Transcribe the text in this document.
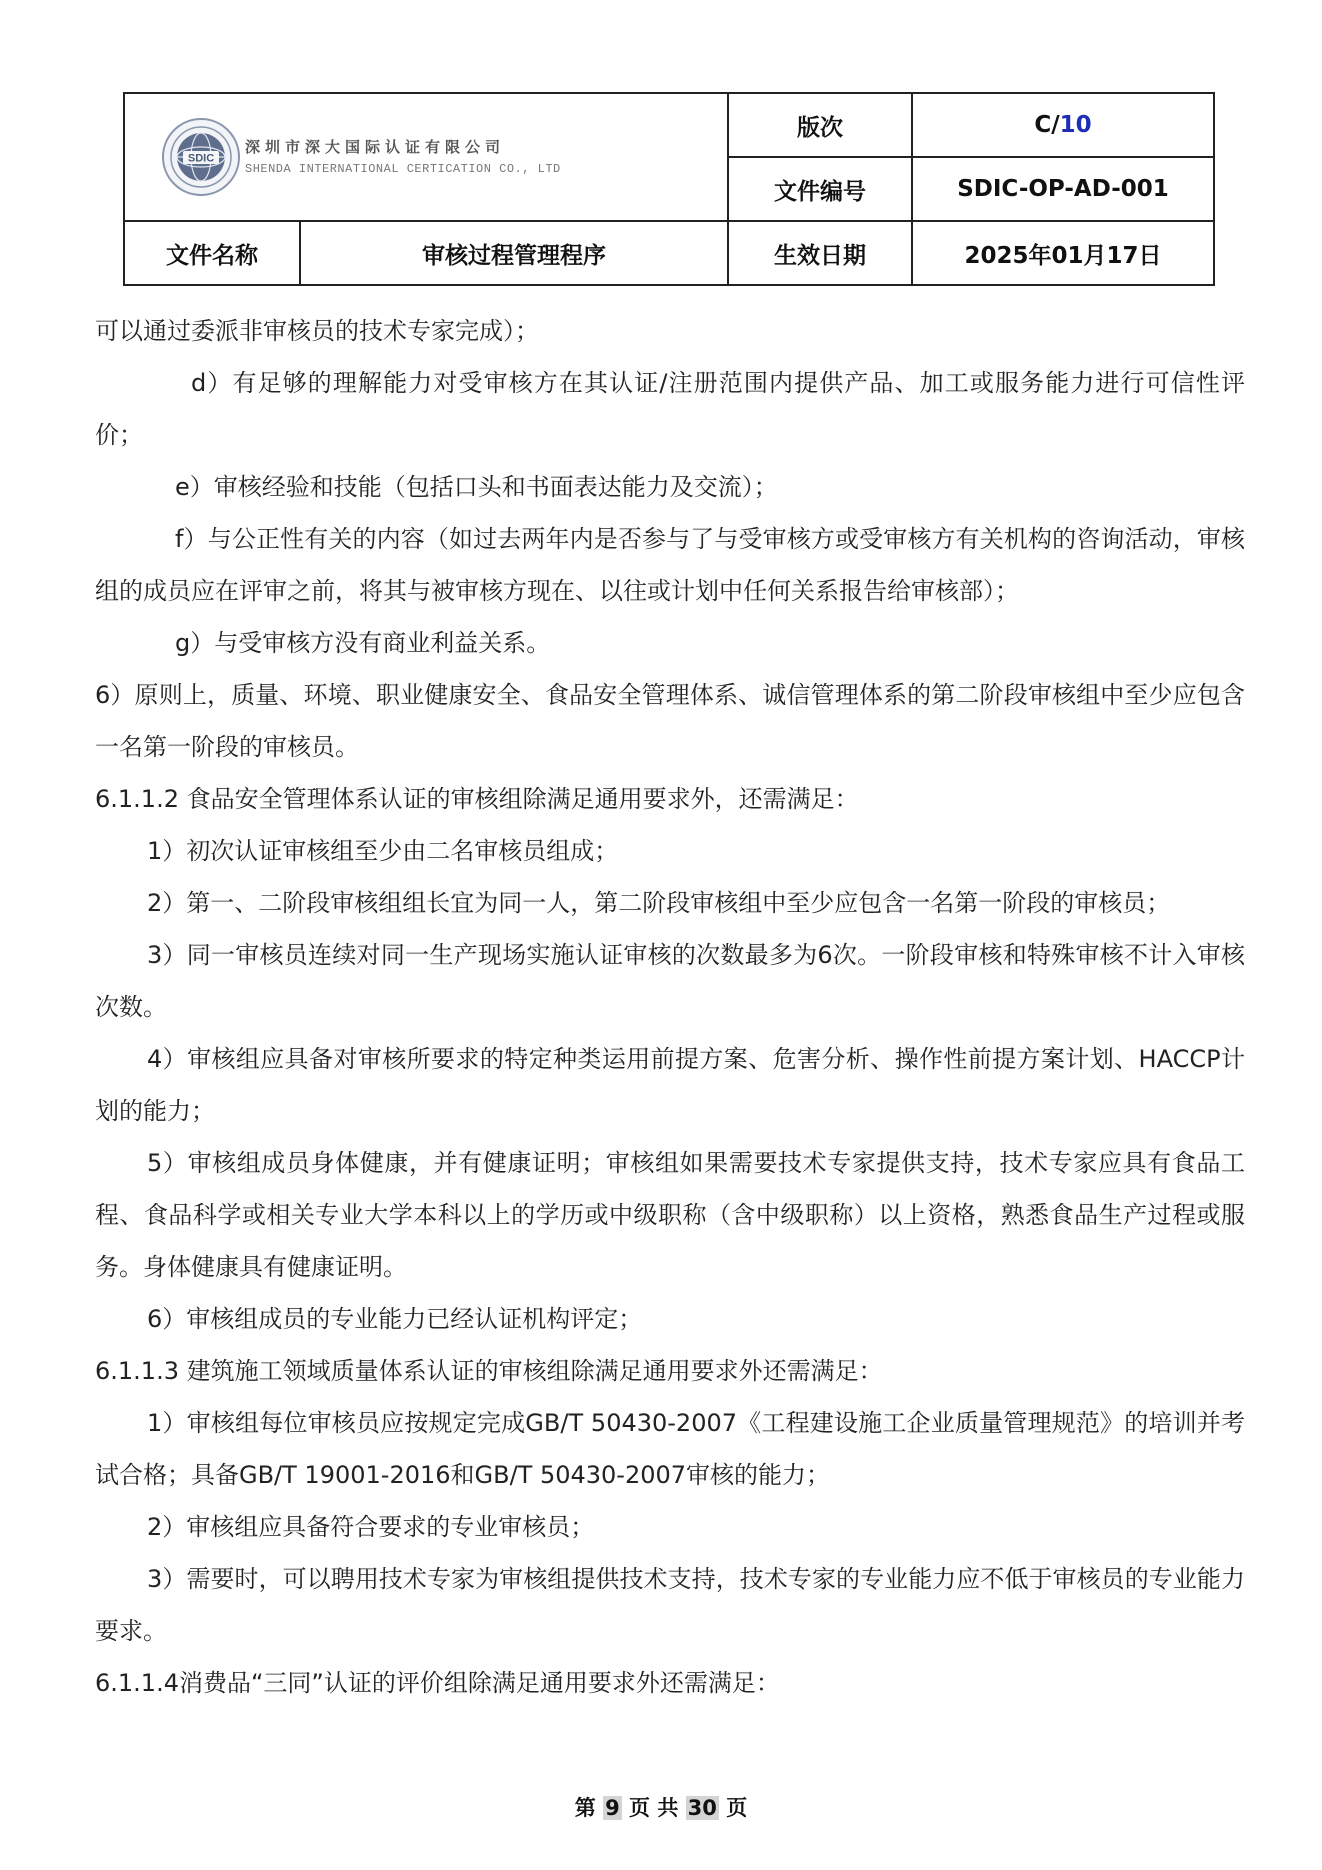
SDIC
深圳市深大国际认证有限公司
SHENDA INTERNATIONAL CERTICATION CO., LTD		版次	C/10
		文件编号	SDIC-OP-AD-001
文件名称	审核过程管理程序	生效日期	2025年01月17日

可以通过委派非审核员的技术专家完成）；

d）有足够的理解能力对受审核方在其认证/注册范围内提供产品、加工或服务能力进行可信性评价；

e）审核经验和技能（包括口头和书面表达能力及交流）；

f）与公正性有关的内容（如过去两年内是否参与了与受审核方或受审核方有关机构的咨询活动，审核组的成员应在评审之前，将其与被审核方现在、以往或计划中任何关系报告给审核部）；

g）与受审核方没有商业利益关系。

6）原则上，质量、环境、职业健康安全、食品安全管理体系、诚信管理体系的第二阶段审核组中至少应包含一名第一阶段的审核员。

6.1.1.2 食品安全管理体系认证的审核组除满足通用要求外，还需满足：

1）初次认证审核组至少由二名审核员组成；

2）第一、二阶段审核组组长宜为同一人，第二阶段审核组中至少应包含一名第一阶段的审核员；

3）同一审核员连续对同一生产现场实施认证审核的次数最多为6次。一阶段审核和特殊审核不计入审核次数。

4）审核组应具备对审核所要求的特定种类运用前提方案、危害分析、操作性前提方案计划、HACCP计划的能力；

5）审核组成员身体健康，并有健康证明；审核组如果需要技术专家提供支持，技术专家应具有食品工程、食品科学或相关专业大学本科以上的学历或中级职称（含中级职称）以上资格，熟悉食品生产过程或服务。身体健康具有健康证明。

6）审核组成员的专业能力已经认证机构评定；

6.1.1.3 建筑施工领域质量体系认证的审核组除满足通用要求外还需满足：

1）审核组每位审核员应按规定完成GB/T 50430-2007《工程建设施工企业质量管理规范》的培训并考试合格；具备GB/T 19001-2016和GB/T 50430-2007审核的能力；

2）审核组应具备符合要求的专业审核员；

3）需要时，可以聘用技术专家为审核组提供技术支持，技术专家的专业能力应不低于审核员的专业能力要求。

6.1.1.4消费品“三同”认证的评价组除满足通用要求外还需满足：

第 9 页 共 30 页
